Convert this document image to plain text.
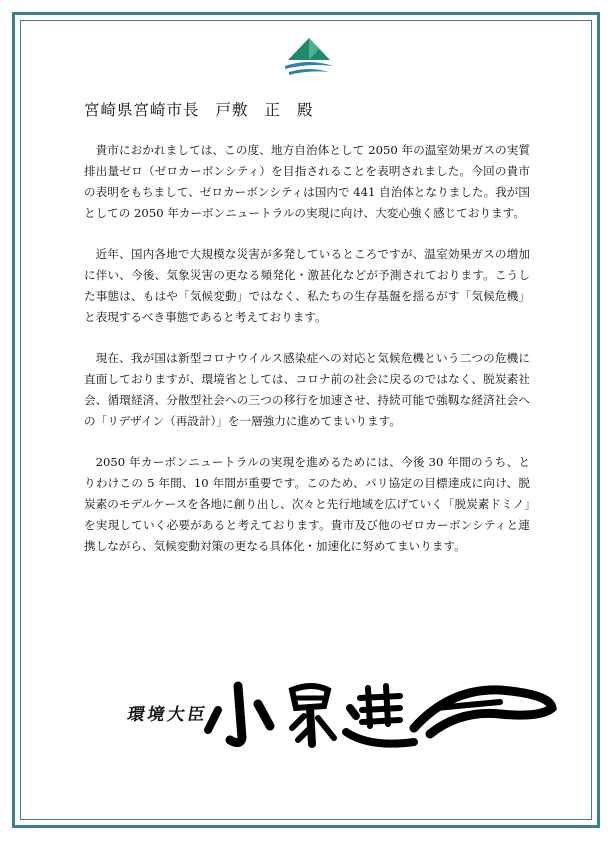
宮崎県宮崎市長 戸敷 正 殿

貴市におかれましては、この度、地方自治体として 2050 年の温室効果ガスの実質排出量ゼロ（ゼロカーボンシティ）を目指されることを表明されました。今回の貴市の表明をもちまして、ゼロカーボンシティは国内で 441 自治体となりました。我が国としての 2050 年カーボンニュートラルの実現に向け、大変心強く感じております。

近年、国内各地で大規模な災害が多発しているところですが、温室効果ガスの増加に伴い、今後、気象災害の更なる頻発化・激甚化などが予測されております。こうした事態は、もはや「気候変動」ではなく、私たちの生存基盤を揺るがす「気候危機」と表現するべき事態であると考えております。

現在、我が国は新型コロナウイルス感染症への対応と気候危機という二つの危機に直面しておりますが、環境省としては、コロナ前の社会に戻るのではなく、脱炭素社会、循環経済、分散型社会への三つの移行を加速させ、持続可能で強靱な経済社会への「リデザイン（再設計）」を一層強力に進めてまいります。

2050 年カーボンニュートラルの実現を進めるためには、今後 30 年間のうち、とりわけこの 5 年間、10 年間が重要です。このため、パリ協定の目標達成に向け、脱炭素のモデルケースを各地に創り出し、次々と先行地域を広げていく「脱炭素ドミノ」を実現していく必要があると考えております。貴市及び他のゼロカーボンシティと連携しながら、気候変動対策の更なる具体化・加速化に努めてまいります。

環境大臣
